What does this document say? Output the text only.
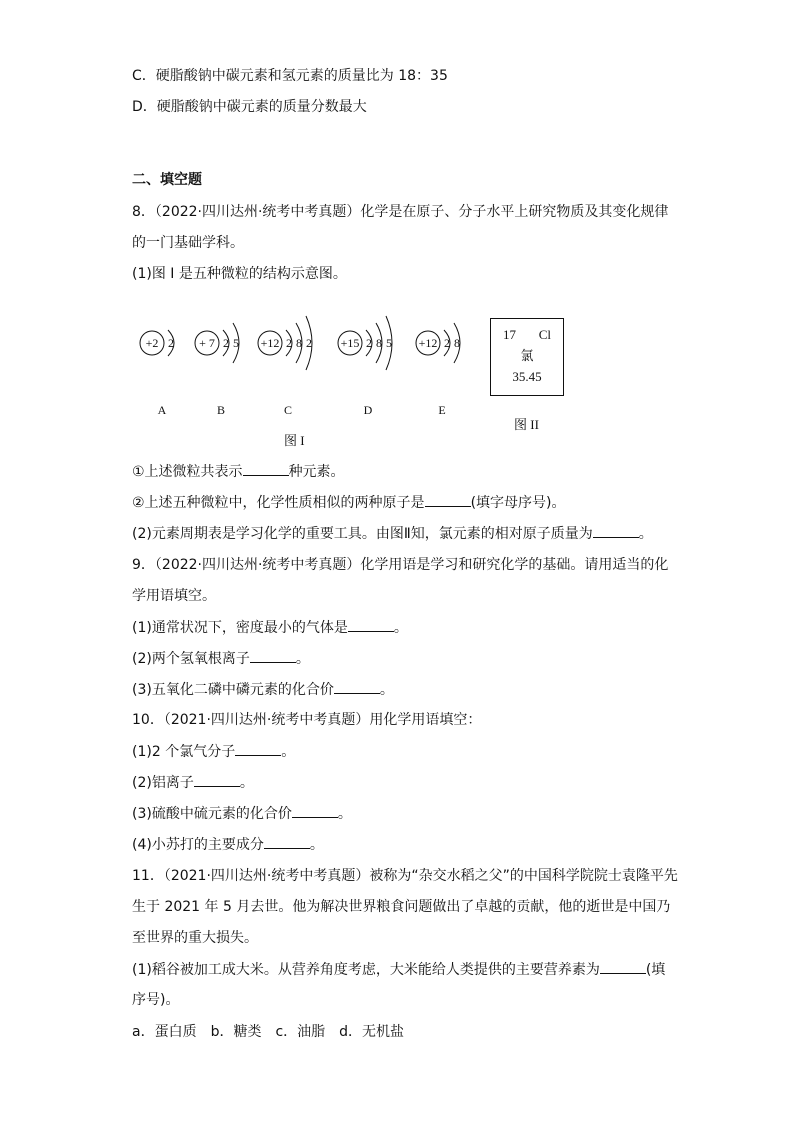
C．硬脂酸钠中碳元素和氢元素的质量比为 18：35
D．硬脂酸钠中碳元素的质量分数最大
二、填空题
8．（2022·四川达州·统考中考真题）化学是在原子、分子水平上研究物质及其变化规律
的一门基础学科。
(1)图 I 是五种微粒的结构示意图。
+2 2
A
+ 7 2 5
B
+12 2 8 2
C
+15 2 8 5
D
+12 2 8
E
17 Cl
氯
35.45
图 I
图 II
①上述微粒共表示	种元素。
②上述五种微粒中，化学性质相似的两种原子是	(填字母序号)。
(2)元素周期表是学习化学的重要工具。由图Ⅱ知，氯元素的相对原子质量为	。
9．（2022·四川达州·统考中考真题）化学用语是学习和研究化学的基础。请用适当的化
学用语填空。
(1)通常状况下，密度最小的气体是	。
(2)两个氢氧根离子	。
(3)五氧化二磷中磷元素的化合价	。
10．（2021·四川达州·统考中考真题）用化学用语填空：
(1)2 个氯气分子	。
(2)铝离子	。
(3)硫酸中硫元素的化合价	。
(4)小苏打的主要成分	。
11．（2021·四川达州·统考中考真题）被称为“杂交水稻之父”的中国科学院院士袁隆平先
生于 2021 年 5 月去世。他为解决世界粮食问题做出了卓越的贡献，他的逝世是中国乃
至世界的重大损失。
(1)稻谷被加工成大米。从营养角度考虑，大米能给人类提供的主要营养素为	(填
序号)。
a．蛋白质　b．糖类　c．油脂　d．无机盐
